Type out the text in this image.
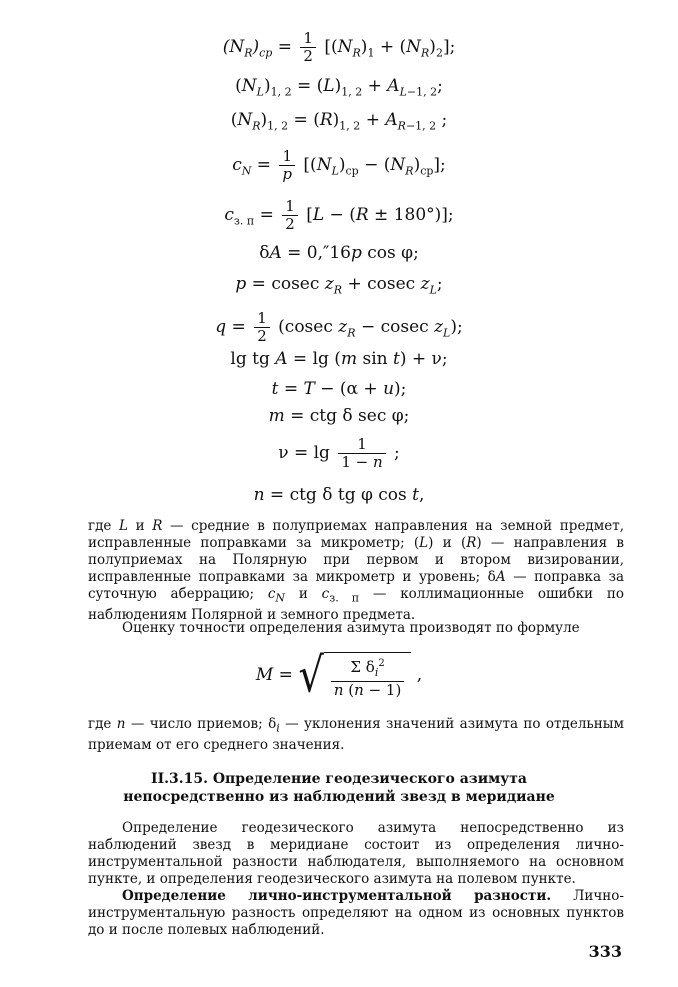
$(N_R)_{ср} = \frac{1}{2} [(N_R)_1 + (N_R)_2]$;
$(N_L)_{1, 2} = (L)_{1, 2} + A_{L-1, 2}$;
$(N_R)_{1, 2} = (R)_{1, 2} + A_{R-1, 2}$ ;
$c_N = \frac{1}{p} [(N_L)_{ср} - (N_R)_{ср}]$;
$c_{з. п} = \frac{1}{2} [L - (R \pm 180^\circ)]$;
δA = 0,″16p cos φ;
p = cosec $z_R + cosec$ $z_L$;
$q = \frac{1}{2} (cosec$ $z_R - cosec$ $z_L$);
lg tg A = lg (m sin t) + ν;
t = T − (α + u);
m = ctg δ sec φ;
$\nu = \lg \frac{1}{1 - n}$ ;
n = ctg δ tg φ cos t,
где L и R — средние в полуприемах направления на земной предмет, исправленные поправками за микрометр; (L) и (R) — направления в полуприемах на Полярную при первом и втором визировании, исправленные поправками за микрометр и уровень; δA — поправка за суточную аберрацию; $c_N$ и $c_{з. п}$ — коллимационные ошибки по наблюдениям Полярной и земного предмета.
Оценку точности определения азимута производят по формуле
M = √ $\frac{\Sigma \delta_i^2}{n (n - 1)}$ ,
где n — число приемов; $\delta_i$ — уклонения значений азимута по отдельным приемам от его среднего значения.
II.3.15. Определение геодезического азимута
непосредственно из наблюдений звезд в меридиане
Определение геодезического азимута непосредственно из наблюдений звезд в меридиане состоит из определения лично-инструментальной разности наблюдателя, выполняемого на основном пункте, и определения геодезического азимута на полевом пункте.
Определение лично-инструментальной разности. Лично-инструментальную разность определяют на одном из основных пунктов до и после полевых наблюдений.
333
